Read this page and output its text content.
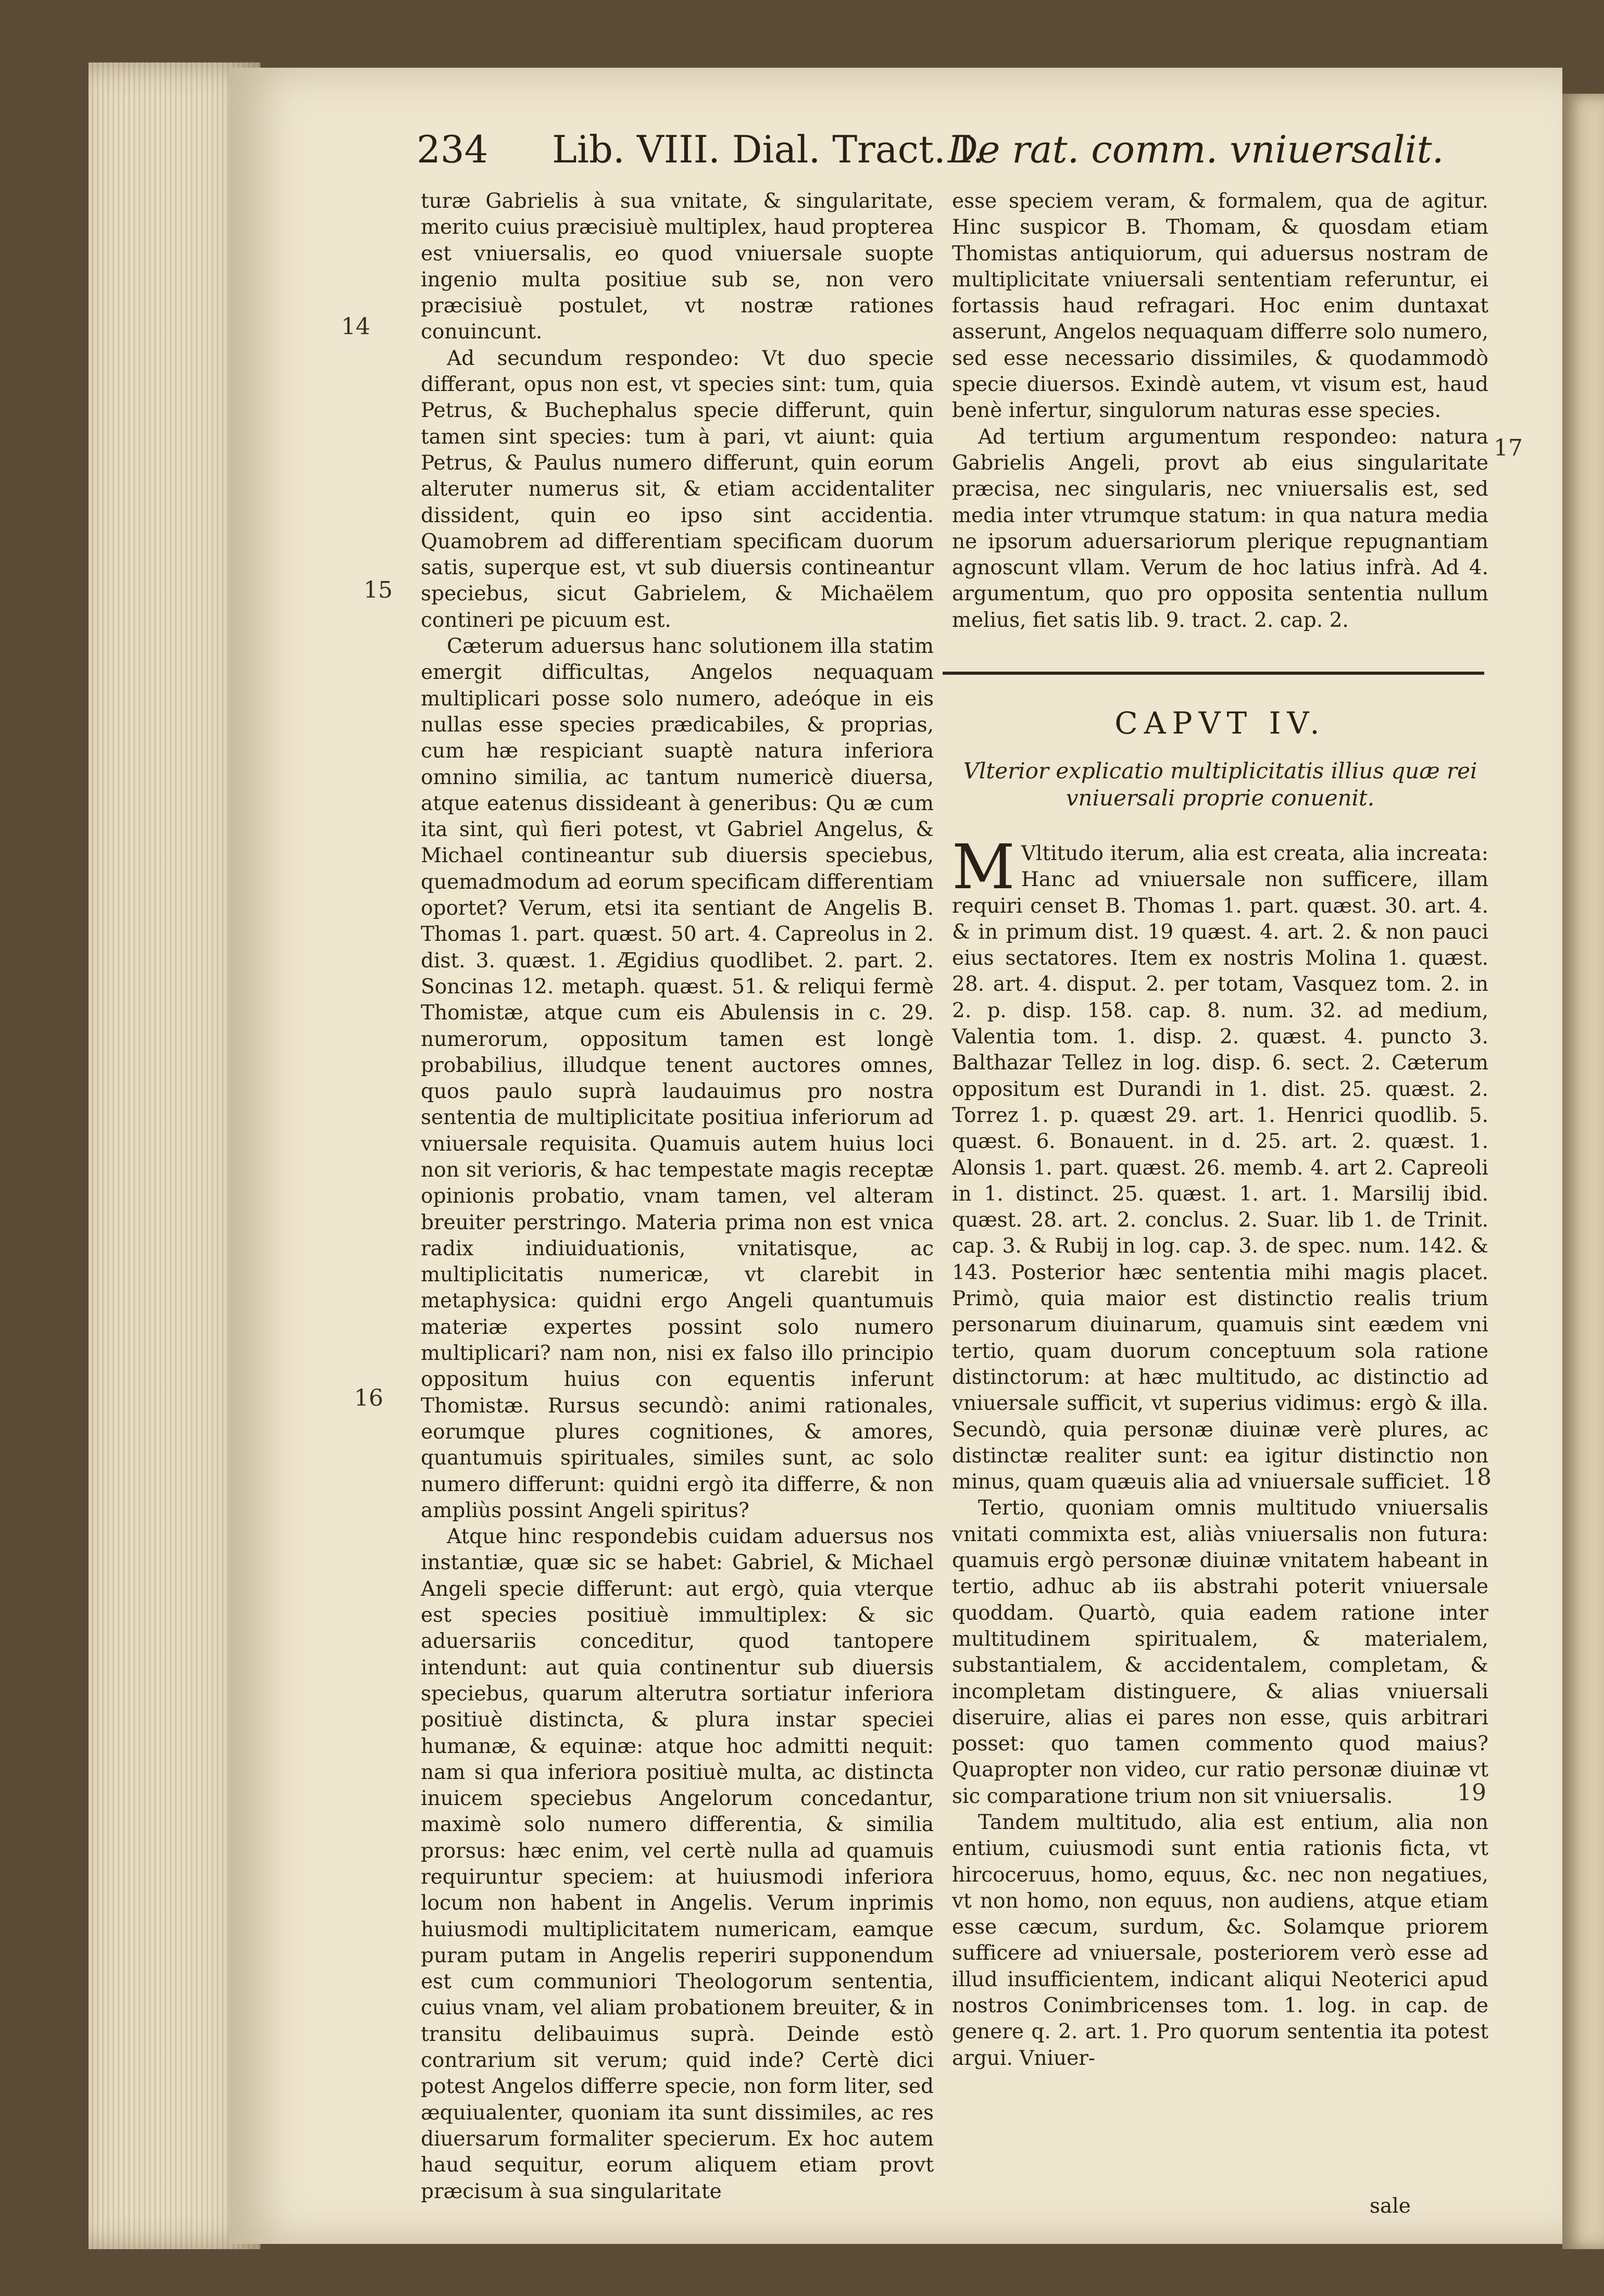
234 Lib. VIII. Dial. Tract. I.
De rat. comm. vniuersalit.
14
15
16
17
18
19

turæ Gabrielis à sua vnitate, & singularitate, merito cuius præcisiuè multiplex, haud propterea est vniuersalis, eo quod vniuersale suopte ingenio multa positiue sub se, non vero præcisiuè postulet, vt nostræ rationes conuincunt.

Ad secundum respondeo: Vt duo specie differant, opus non est, vt species sint: tum, quia Petrus, & Buchephalus specie differunt, quin tamen sint species: tum à pari, vt aiunt: quia Petrus, & Paulus numero differunt, quin eorum alteruter numerus sit, & etiam accidentaliter dissident, quin eo ipso sint accidentia. Quamobrem ad differentiam specificam duorum satis, superque est, vt sub diuersis contineantur speciebus, sicut Gabrielem, & Michaëlem contineri pe picuum est.

Cæterum aduersus hanc solutionem illa statim emergit difficultas, Angelos nequaquam multiplicari posse solo numero, adeóque in eis nullas esse species prædicabiles, & proprias, cum hæ respiciant suaptè natura inferiora omnino similia, ac tantum numericè diuersa, atque eatenus dissideant à generibus: Qu æ cum ita sint, quì fieri potest, vt Gabriel Angelus, & Michael contineantur sub diuersis speciebus, quemadmodum ad eorum specificam differentiam oportet? Verum, etsi ita sentiant de Angelis B. Thomas 1. part. quæst. 50 art. 4. Capreolus in 2. dist. 3. quæst. 1. Ægidius quodlibet. 2. part. 2. Soncinas 12. metaph. quæst. 51. & reliqui fermè Thomistæ, atque cum eis Abulensis in c. 29. numerorum, oppositum tamen est longè probabilius, illudque tenent auctores omnes, quos paulo suprà laudauimus pro nostra sententia de multiplicitate positiua inferiorum ad vniuersale requisita. Quamuis autem huius loci non sit verioris, & hac tempestate magis receptæ opinionis probatio, vnam tamen, vel alteram breuiter perstringo. Materia prima non est vnica radix indiuiduationis, vnitatisque, ac multiplicitatis numericæ, vt clarebit in metaphysica: quidni ergo Angeli quantumuis materiæ expertes possint solo numero multiplicari? nam non, nisi ex falso illo principio oppositum huius con equentis inferunt Thomistæ. Rursus secundò: animi rationales, eorumque plures cognitiones, & amores, quantumuis spirituales, similes sunt, ac solo numero differunt: quidni ergò ita differre, & non ampliùs possint Angeli spiritus?

Atque hinc respondebis cuidam aduersus nos instantiæ, quæ sic se habet: Gabriel, & Michael Angeli specie differunt: aut ergò, quia vterque est species positiuè immultiplex: & sic aduersariis conceditur, quod tantopere intendunt: aut quia continentur sub diuersis speciebus, quarum alterutra sortiatur inferiora positiuè distincta, & plura instar speciei humanæ, & equinæ: atque hoc admitti nequit: nam si qua inferiora positiuè multa, ac distincta inuicem speciebus Angelorum concedantur, maximè solo numero differentia, & similia prorsus: hæc enim, vel certè nulla ad quamuis requiruntur speciem: at huiusmodi inferiora locum non habent in Angelis. Verum inprimis huiusmodi multiplicitatem numericam, eamque puram putam in Angelis reperiri supponendum est cum communiori Theologorum sententia, cuius vnam, vel aliam probationem breuiter, & in transitu delibauimus suprà. Deinde estò contrarium sit verum; quid inde? Certè dici potest Angelos differre specie, non form liter, sed æquiualenter, quoniam ita sunt dissimiles, ac res diuersarum formaliter specierum. Ex hoc autem haud sequitur, eorum aliquem etiam provt præcisum à sua singularitate

esse speciem veram, & formalem, qua de agitur. Hinc suspicor B. Thomam, & quosdam etiam Thomistas antiquiorum, qui aduersus nostram de multiplicitate vniuersali sententiam referuntur, ei fortassis haud refragari. Hoc enim duntaxat asserunt, Angelos nequaquam differre solo numero, sed esse necessario dissimiles, & quodammodò specie diuersos. Exindè autem, vt visum est, haud benè infertur, singulorum naturas esse species.

Ad tertium argumentum respondeo: natura Gabrielis Angeli, provt ab eius singularitate præcisa, nec singularis, nec vniuersalis est, sed media inter vtrumque statum: in qua natura media ne ipsorum aduersariorum plerique repugnantiam agnoscunt vllam. Verum de hoc latius infrà. Ad 4. argumentum, quo pro opposita sententia nullum melius, fiet satis lib. 9. tract. 2. cap. 2.

CAPVT IV.
Vlterior explicatio multiplicitatis illius quæ rei vniuersali proprie conuenit.

M Vltitudo iterum, alia est creata, alia increata: Hanc ad vniuersale non sufficere, illam requiri censet B. Thomas 1. part. quæst. 30. art. 4. & in primum dist. 19 quæst. 4. art. 2. & non pauci eius sectatores. Item ex nostris Molina 1. quæst. 28. art. 4. disput. 2. per totam, Vasquez tom. 2. in 2. p. disp. 158. cap. 8. num. 32. ad medium, Valentia tom. 1. disp. 2. quæst. 4. puncto 3. Balthazar Tellez in log. disp. 6. sect. 2. Cæterum oppositum est Durandi in 1. dist. 25. quæst. 2. Torrez 1. p. quæst 29. art. 1. Henrici quodlib. 5. quæst. 6. Bonauent. in d. 25. art. 2. quæst. 1. Alonsis 1. part. quæst. 26. memb. 4. art 2. Capreoli in 1. distinct. 25. quæst. 1. art. 1. Marsilij ibid. quæst. 28. art. 2. conclus. 2. Suar. lib 1. de Trinit. cap. 3. & Rubij in log. cap. 3. de spec. num. 142. & 143. Posterior hæc sententia mihi magis placet. Primò, quia maior est distinctio realis trium personarum diuinarum, quamuis sint eædem vni tertio, quam duorum conceptuum sola ratione distinctorum: at hæc multitudo, ac distinctio ad vniuersale sufficit, vt superius vidimus: ergò & illa. Secundò, quia personæ diuinæ verè plures, ac distinctæ realiter sunt: ea igitur distinctio non minus, quam quæuis alia ad vniuersale sufficiet.

Tertio, quoniam omnis multitudo vniuersalis vnitati commixta est, aliàs vniuersalis non futura: quamuis ergò personæ diuinæ vnitatem habeant in tertio, adhuc ab iis abstrahi poterit vniuersale quoddam. Quartò, quia eadem ratione inter multitudinem spiritualem, & materialem, substantialem, & accidentalem, completam, & incompletam distinguere, & alias vniuersali diseruire, alias ei pares non esse, quis arbitrari posset: quo tamen commento quod maius? Quapropter non video, cur ratio personæ diuinæ vt sic comparatione trium non sit vniuersalis.

Tandem multitudo, alia est entium, alia non entium, cuiusmodi sunt entia rationis ficta, vt hircoceruus, homo, equus, &c. nec non negatiues, vt non homo, non equus, non audiens, atque etiam esse cæcum, surdum, &c. Solamque priorem sufficere ad vniuersale, posteriorem verò esse ad illud insufficientem, indicant aliqui Neoterici apud nostros Conimbricenses tom. 1. log. in cap. de genere q. 2. art. 1. Pro quorum sententia ita potest argui. Vniuer-

sale
